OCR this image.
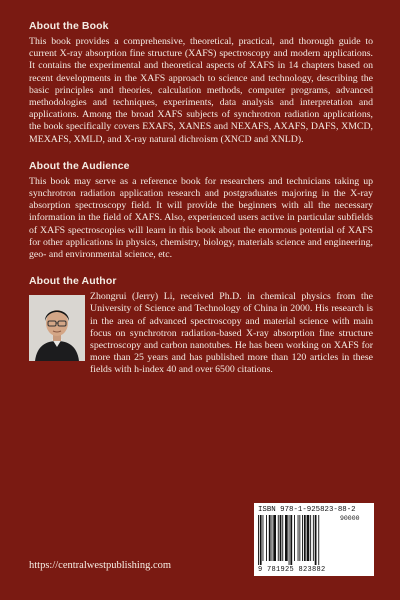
About the Book

This book provides a comprehensive, theoretical, practical, and thorough guide to current X-ray absorption fine structure (XAFS) spectroscopy and modern applications. It contains the experimental and theoretical aspects of XAFS in 14 chapters based on recent developments in the XAFS approach to science and technology, describing the basic principles and theories, calculation methods, computer programs, advanced methodologies and techniques, experiments, data analysis and interpretation and applications. Among the broad XAFS subjects of synchrotron radiation applications, the book specifically covers EXAFS, XANES and NEXAFS, AXAFS, DAFS, XMCD, MEXAFS, XMLD, and X-ray natural dichroism (XNCD and XNLD).

About the Audience

This book may serve as a reference book for researchers and technicians taking up synchrotron radiation application research and postgraduates majoring in the X-ray absorption spectroscopy field. It will provide the beginners with all the necessary information in the field of XAFS. Also, experienced users active in particular subfields of XAFS spectroscopies will learn in this book about the enormous potential of XAFS for other applications in physics, chemistry, biology, materials science and engineering, geo- and environmental science, etc.

About the Author

Zhongrui (Jerry) Li, received Ph.D. in chemical physics from the University of Science and Technology of China in 2000. His research is in the area of advanced spectroscopy and material science with main focus on synchrotron radiation-based X-ray absorption fine structure spectroscopy and carbon nanotubes. He has been working on XAFS for more than 25 years and has published more than 120 articles in these fields with h-index 40 and over 6500 citations.

https://centralwestpublishing.com
ISBN 978-1-925823-88-2
90000
9 781925 823882
